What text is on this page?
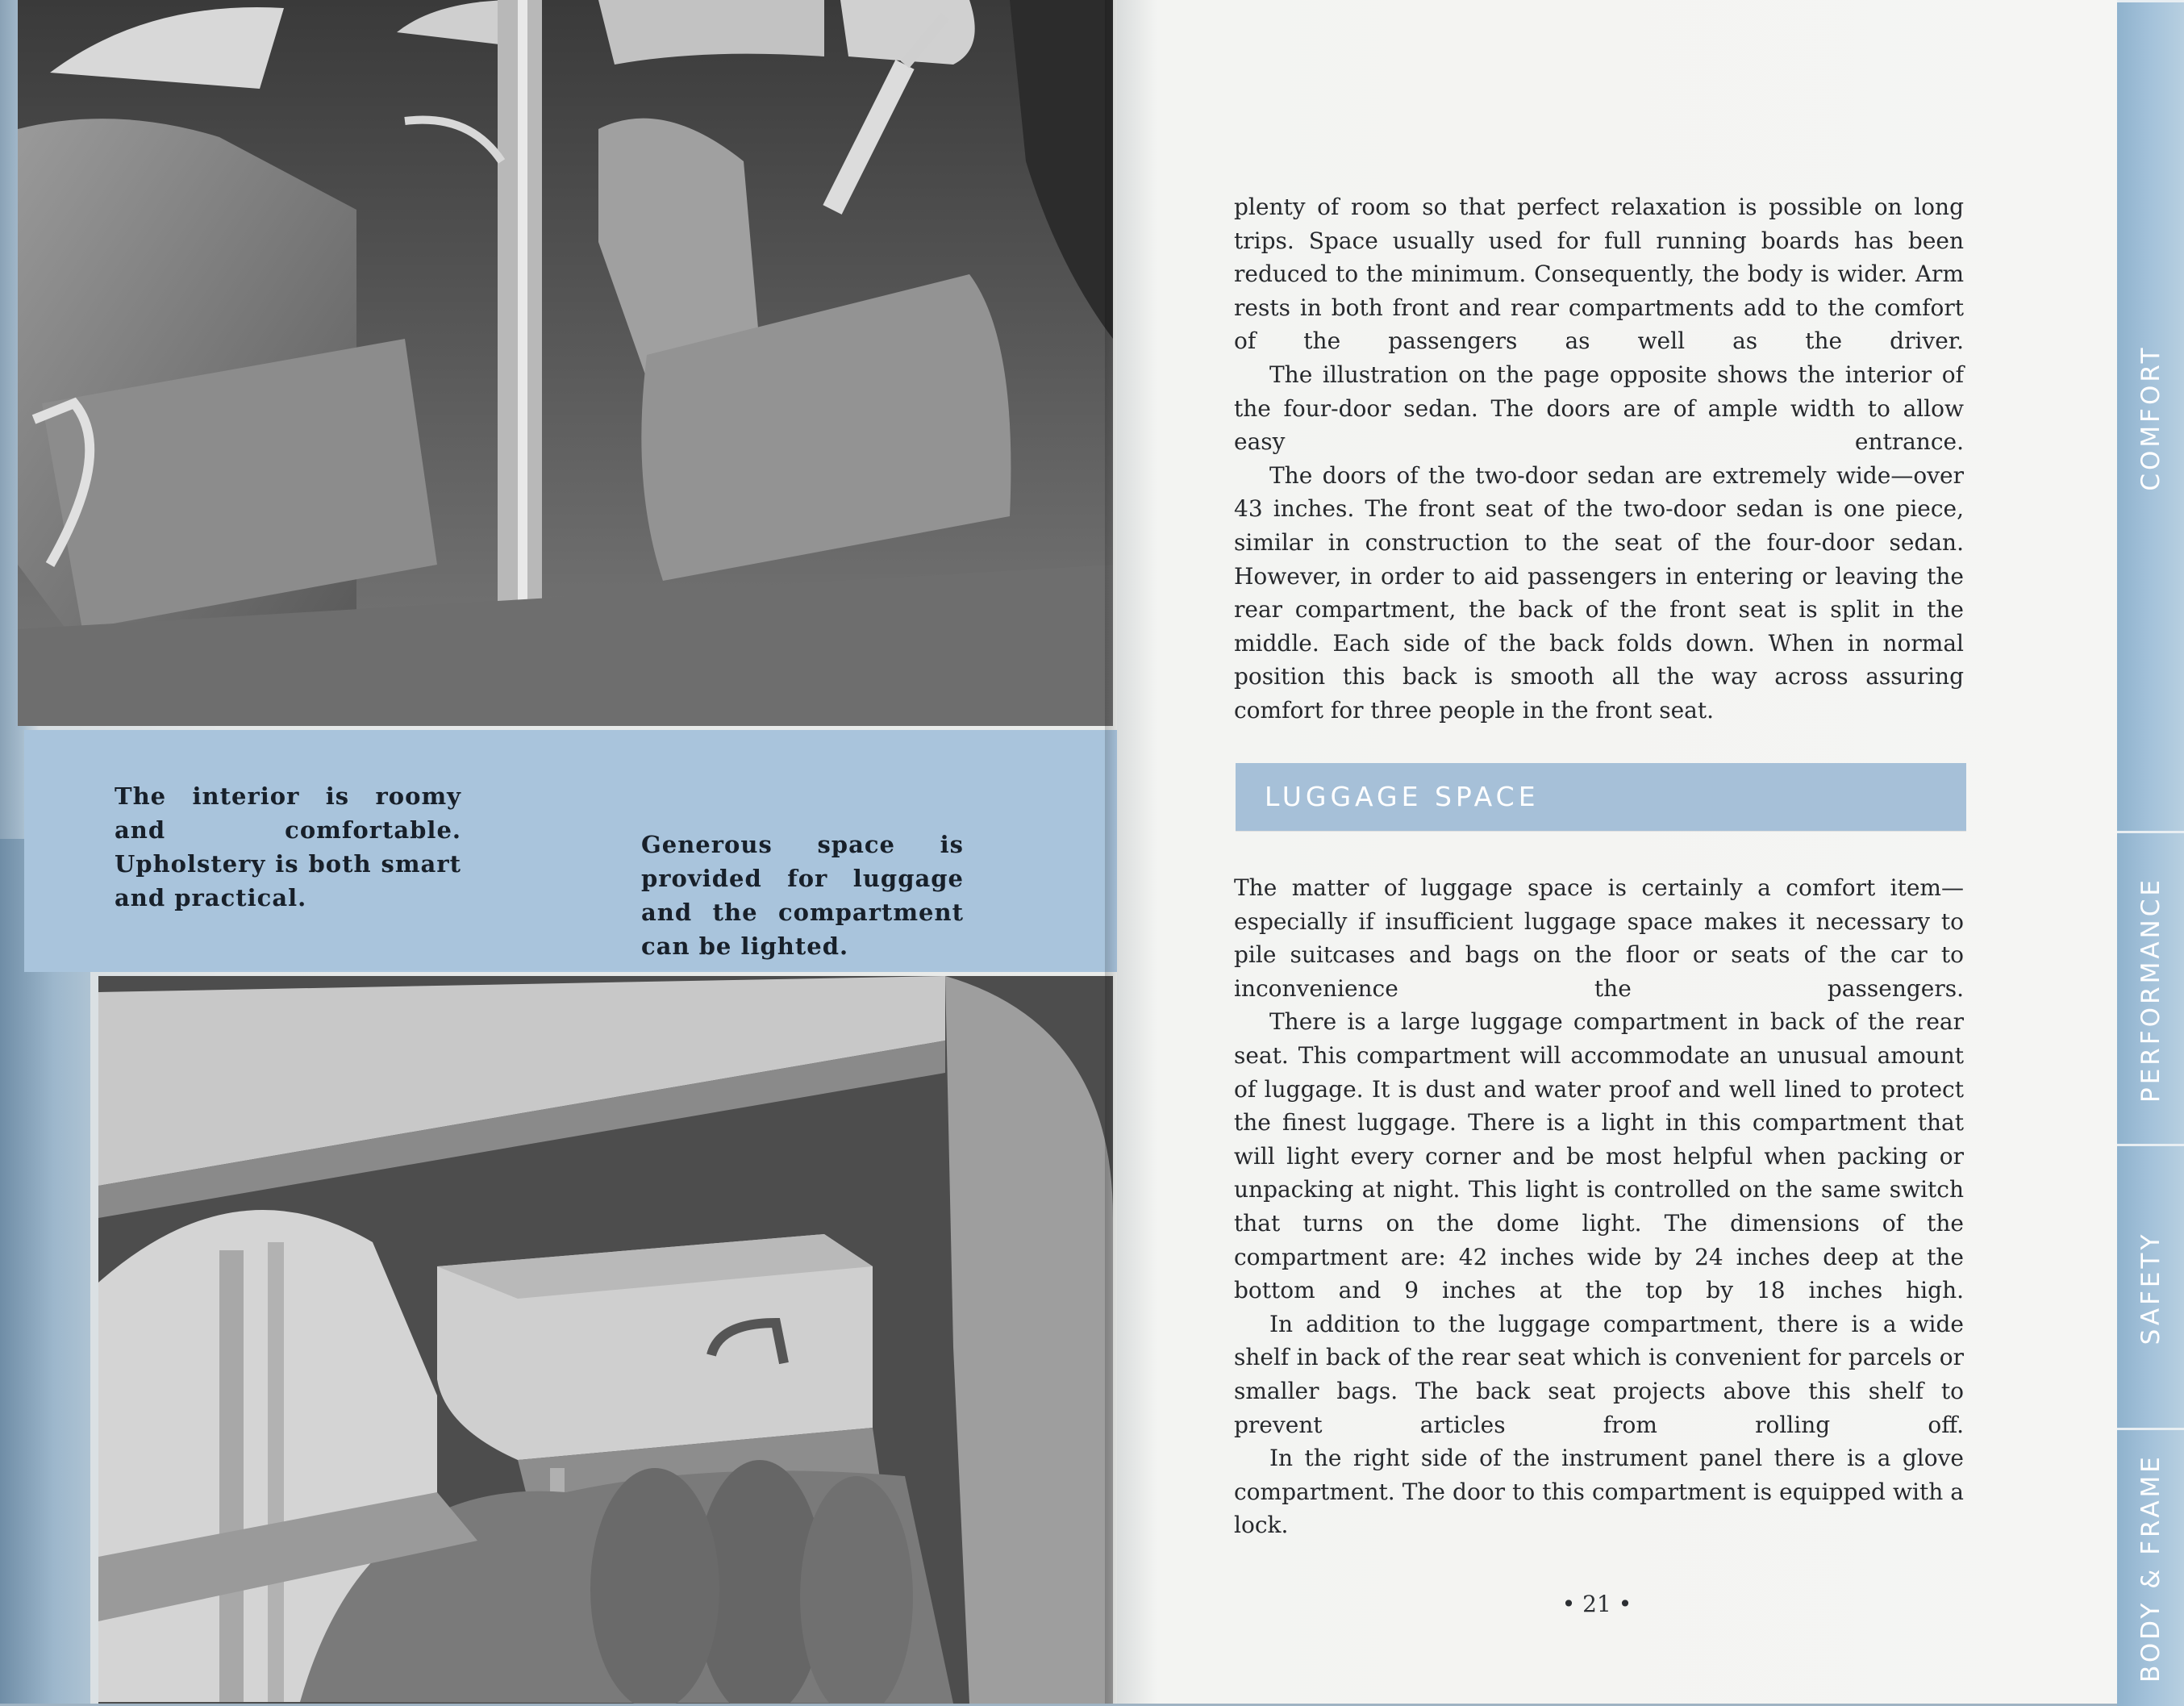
The interior is roomy and comfortable. Upholstery is both smart and practical.

Generous space is provided for luggage and the compartment can be lighted.

plenty of room so that perfect relaxation is possible on long trips. Space usually used for full running boards has been reduced to the minimum. Consequently, the body is wider. Arm rests in both front and rear compartments add to the comfort of the passengers as well as the driver.

The illustration on the page opposite shows the interior of the four-door sedan. The doors are of ample width to allow easy entrance.

The doors of the two-door sedan are extremely wide—over 43 inches. The front seat of the two-door sedan is one piece, similar in construction to the seat of the four-door sedan. However, in order to aid passengers in entering or leaving the rear compartment, the back of the front seat is split in the middle. Each side of the back folds down. When in normal position this back is smooth all the way across assuring comfort for three people in the front seat.

LUGGAGE SPACE

The matter of luggage space is certainly a comfort item—especially if insufficient luggage space makes it necessary to pile suitcases and bags on the floor or seats of the car to inconvenience the passengers.

There is a large luggage compartment in back of the rear seat. This compartment will accommodate an unusual amount of luggage. It is dust and water proof and well lined to protect the finest luggage. There is a light in this compartment that will light every corner and be most helpful when packing or unpacking at night. This light is controlled on the same switch that turns on the dome light. The dimensions of the compartment are: 42 inches wide by 24 inches deep at the bottom and 9 inches at the top by 18 inches high.

In addition to the luggage compartment, there is a wide shelf in back of the rear seat which is convenient for parcels or smaller bags. The back seat projects above this shelf to prevent articles from rolling off.

In the right side of the instrument panel there is a glove compartment. The door to this compartment is equipped with a lock.

• 21 •
COMFORT
PERFORMANCE
SAFETY
BODY & FRAME
